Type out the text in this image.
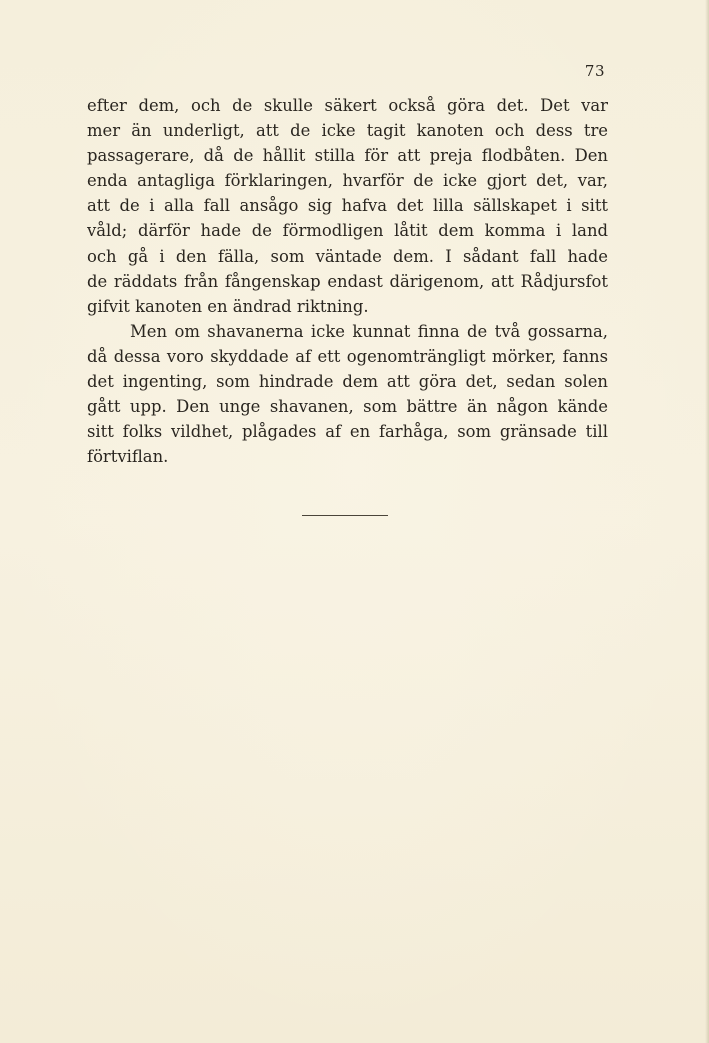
73
efter dem, och de skulle säkert också göra det. Det var
mer än underligt, att de icke tagit kanoten och dess tre
passagerare, då de hållit stilla för att preja flodbåten. Den
enda antagliga förklaringen, hvarför de icke gjort det, var,
att de i alla fall ansågo sig hafva det lilla sällskapet i sitt
våld; därför hade de förmodligen låtit dem komma i land
och gå i den fälla, som väntade dem. I sådant fall hade
de räddats från fångenskap endast därigenom, att Rådjursfot
gifvit kanoten en ändrad riktning.
Men om shavanerna icke kunnat finna de två gossarna,
då dessa voro skyddade af ett ogenomträngligt mörker, fanns
det ingenting, som hindrade dem att göra det, sedan solen
gått upp. Den unge shavanen, som bättre än någon kände
sitt folks vildhet, plågades af en farhåga, som gränsade till
förtviflan.
